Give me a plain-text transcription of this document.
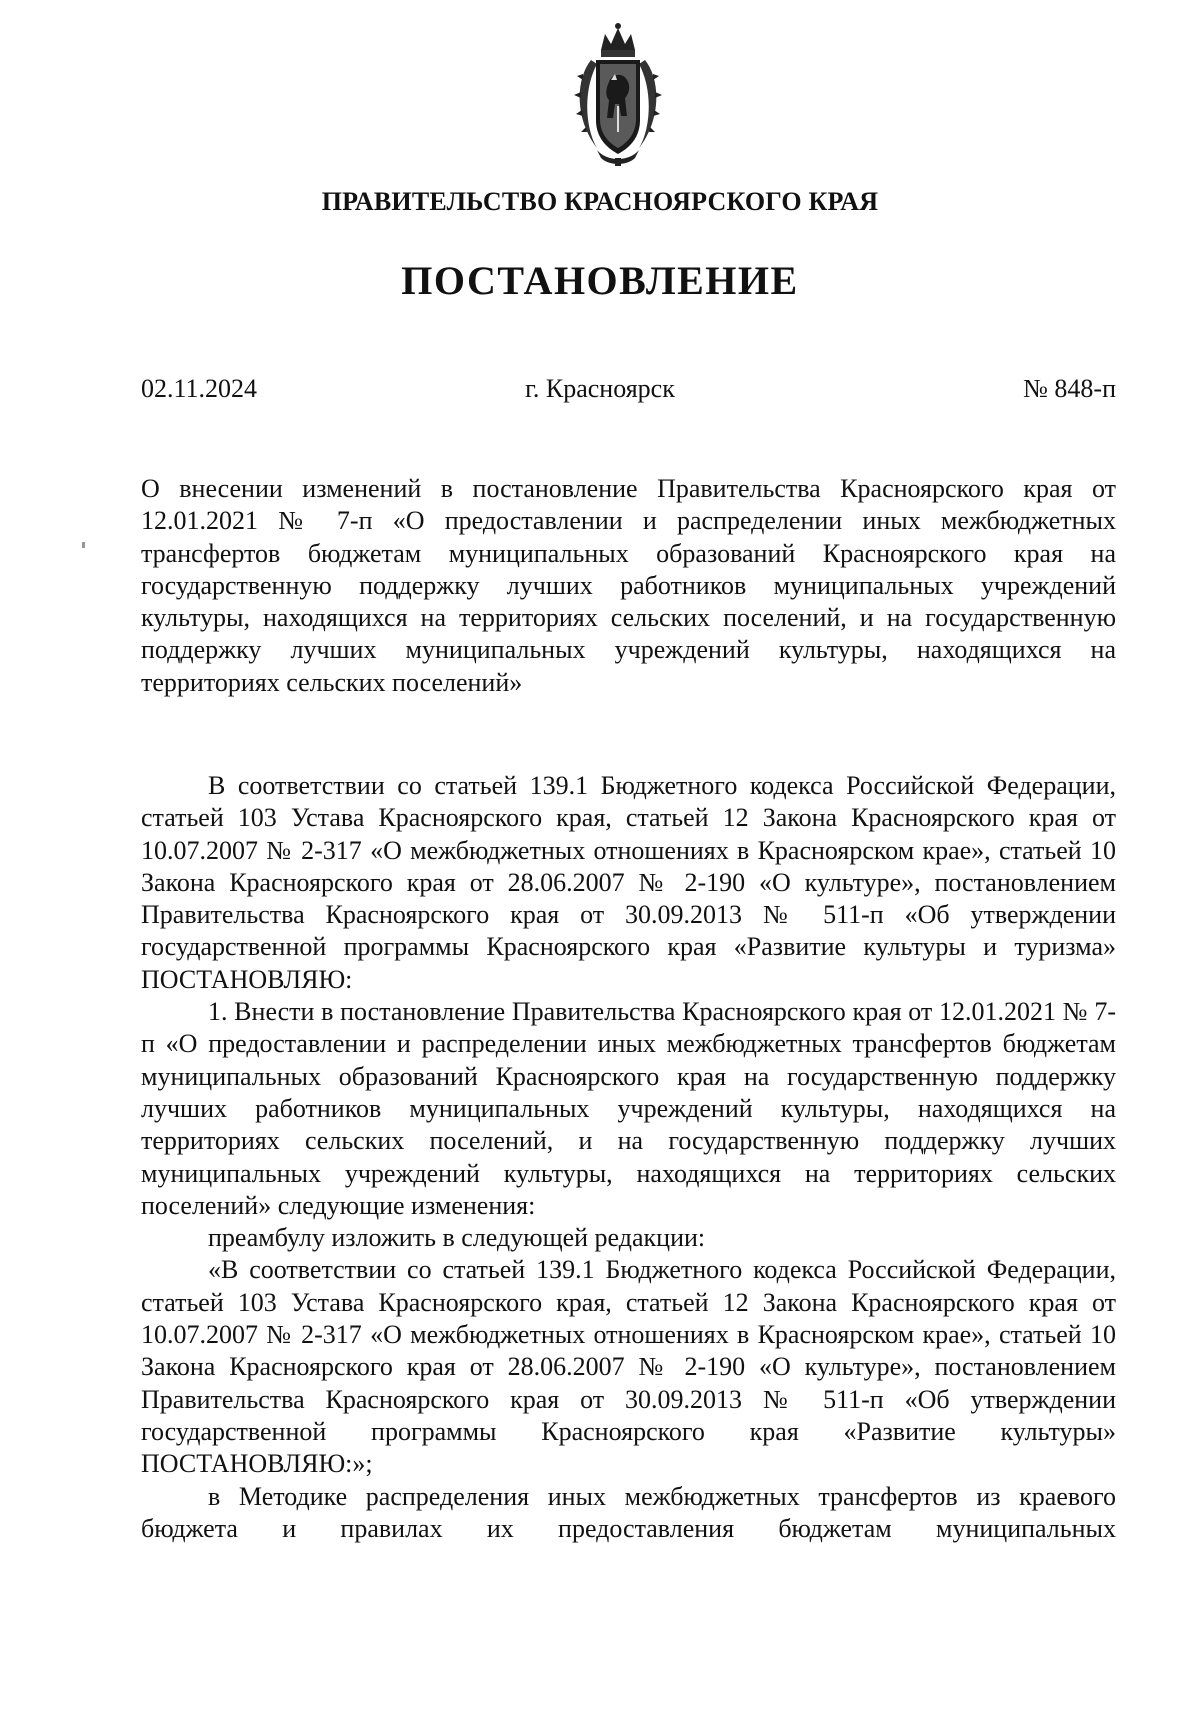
ПРАВИТЕЛЬСТВО КРАСНОЯРСКОГО КРАЯ
ПОСТАНОВЛЕНИЕ
02.11.2024	г. Красноярск	№ 848-п
О внесении изменений в постановление Правительства Красноярского края от 12.01.2021 № 7-п «О предоставлении и распределении иных межбюджетных трансфертов бюджетам муниципальных образований Красноярского края на государственную поддержку лучших работников муниципальных учреждений культуры, находящихся на территориях сельских поселений, и на государственную поддержку лучших муниципальных учреждений культуры, находящихся на территориях сельских поселений»

В соответствии со статьей 139.1 Бюджетного кодекса Российской Федерации, статьей 103 Устава Красноярского края, статьей 12 Закона Красноярского края от 10.07.2007 № 2-317 «О межбюджетных отношениях в Красноярском крае», статьей 10 Закона Красноярского края от 28.06.2007 № 2-190 «О культуре», постановлением Правительства Красноярского края от 30.09.2013 № 511-п «Об утверждении государственной программы Красноярского края «Развитие культуры и туризма» ПОСТАНОВЛЯЮ:

1. Внести в постановление Правительства Красноярского края от 12.01.2021 № 7-п «О предоставлении и распределении иных межбюджетных трансфертов бюджетам муниципальных образований Красноярского края на государственную поддержку лучших работников муниципальных учреждений культуры, находящихся на территориях сельских поселений, и на государственную поддержку лучших муниципальных учреждений культуры, находящихся на территориях сельских поселений» следующие изменения:

преамбулу изложить в следующей редакции:

«В соответствии со статьей 139.1 Бюджетного кодекса Российской Федерации, статьей 103 Устава Красноярского края, статьей 12 Закона Красноярского края от 10.07.2007 № 2-317 «О межбюджетных отношениях в Красноярском крае», статьей 10 Закона Красноярского края от 28.06.2007 № 2-190 «О культуре», постановлением Правительства Красноярского края от 30.09.2013 № 511-п «Об утверждении государственной программы Красноярского края «Развитие культуры» ПОСТАНОВЛЯЮ:»;

в Методике распределения иных межбюджетных трансфертов из краевого бюджета и правилах их предоставления бюджетам муниципальных
